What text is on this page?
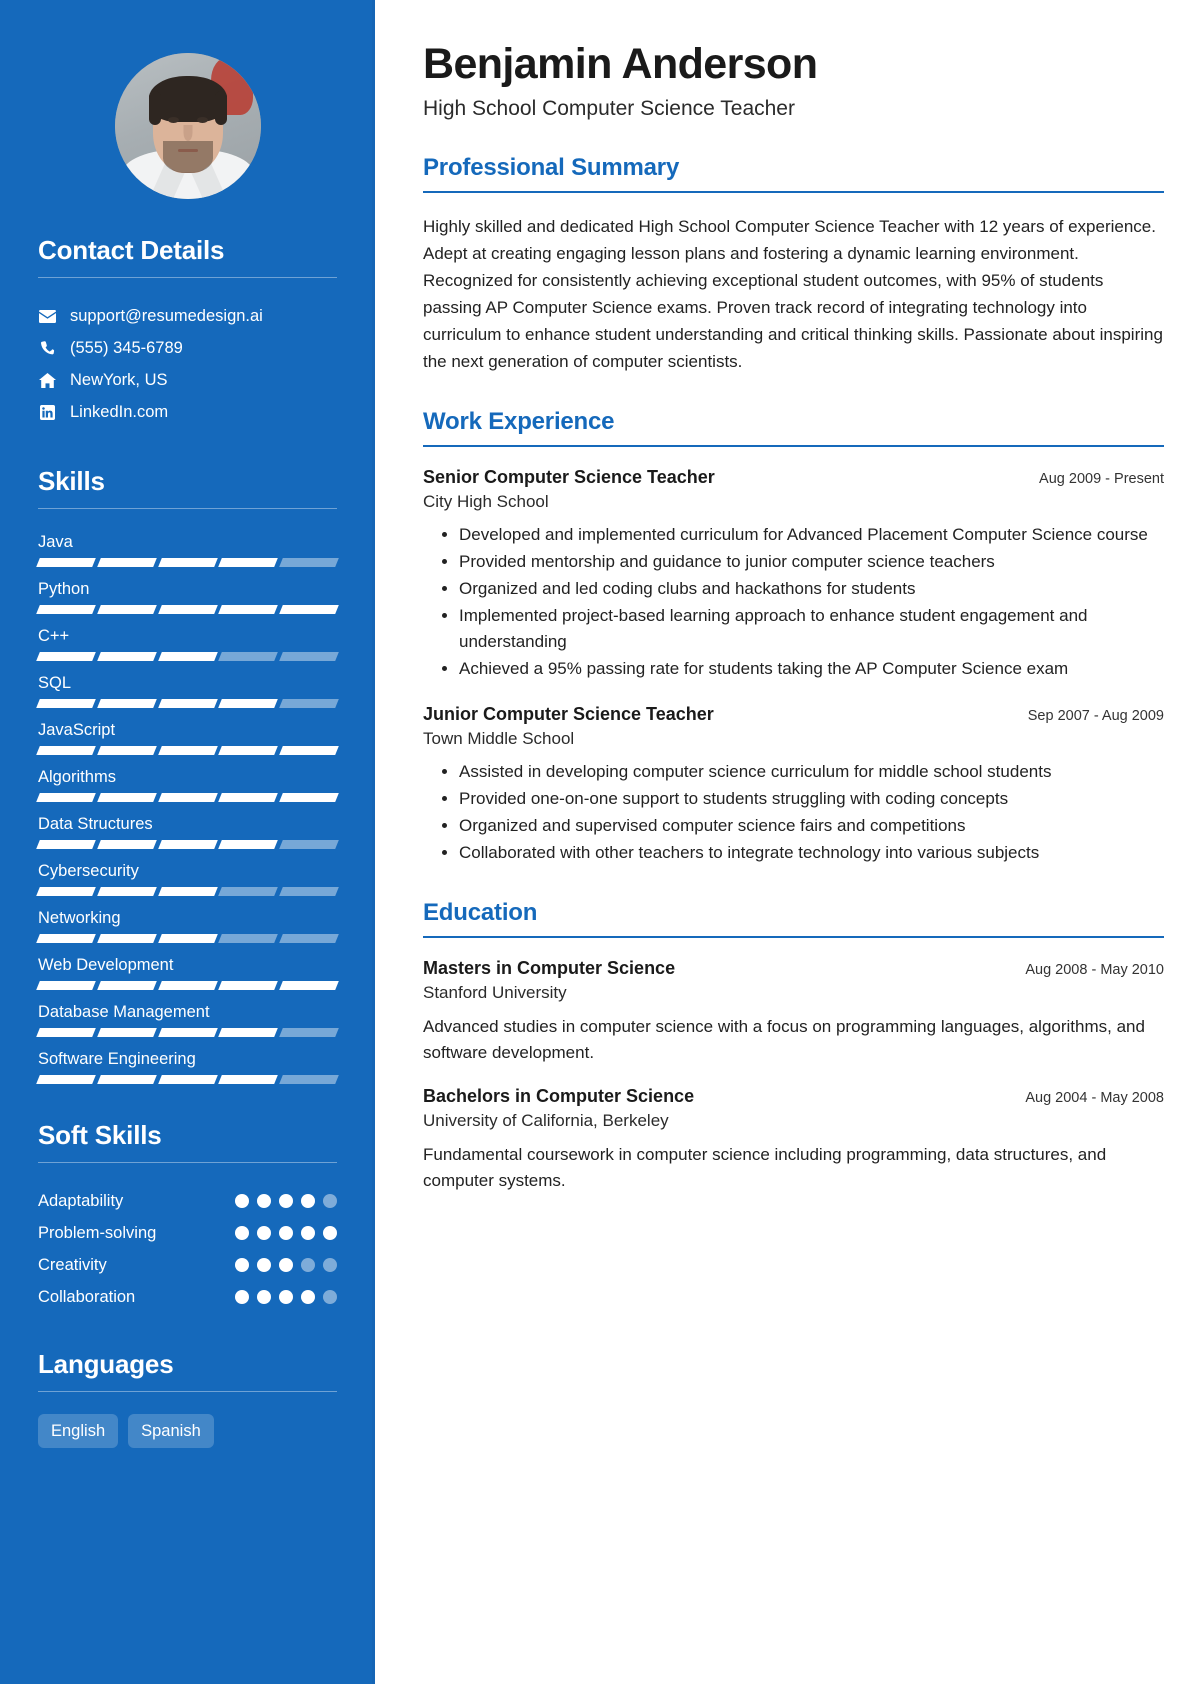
Contact Details
support@resumedesign.ai
(555) 345-6789
NewYork, US
LinkedIn.com
Skills
Java
Python
C++
SQL
JavaScript
Algorithms
Data Structures
Cybersecurity
Networking
Web Development
Database Management
Software Engineering
Soft Skills
Adaptability
Problem-solving
Creativity
Collaboration
Languages
English	Spanish
Benjamin Anderson
High School Computer Science Teacher
Professional Summary

Highly skilled and dedicated High School Computer Science Teacher with 12 years of experience. Adept at creating engaging lesson plans and fostering a dynamic learning environment. Recognized for consistently achieving exceptional student outcomes, with 95% of students passing AP Computer Science exams. Proven track record of integrating technology into curriculum to enhance student understanding and critical thinking skills. Passionate about inspiring the next generation of computer scientists.

Work Experience
Senior Computer Science Teacher	Aug 2009 - Present
City High School
• Developed and implemented curriculum for Advanced Placement Computer Science course
• Provided mentorship and guidance to junior computer science teachers
• Organized and led coding clubs and hackathons for students
• Implemented project-based learning approach to enhance student engagement and understanding
• Achieved a 95% passing rate for students taking the AP Computer Science exam
Junior Computer Science Teacher	Sep 2007 - Aug 2009
Town Middle School
• Assisted in developing computer science curriculum for middle school students
• Provided one-on-one support to students struggling with coding concepts
• Organized and supervised computer science fairs and competitions
• Collaborated with other teachers to integrate technology into various subjects
Education
Masters in Computer Science	Aug 2008 - May 2010
Stanford University
Advanced studies in computer science with a focus on programming languages, algorithms, and software development.
Bachelors in Computer Science	Aug 2004 - May 2008
University of California, Berkeley
Fundamental coursework in computer science including programming, data structures, and computer systems.
